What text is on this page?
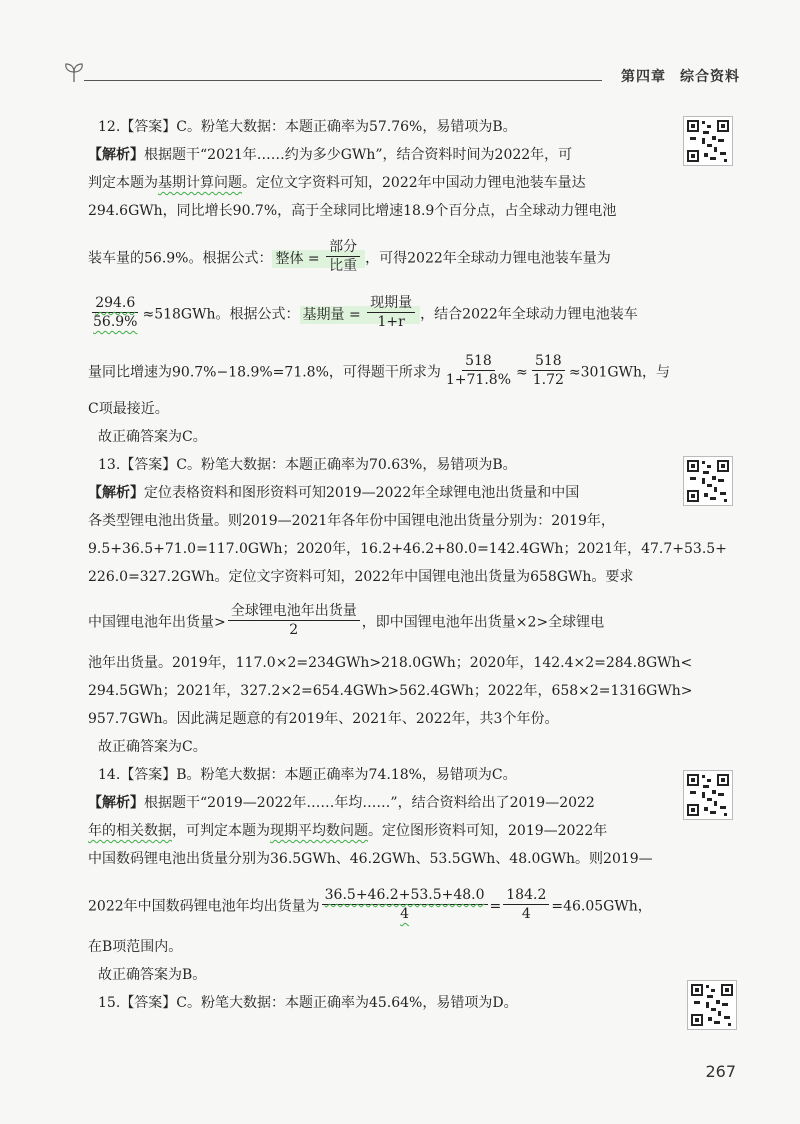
第四章 综合资料
12.【答案】C。粉笔大数据：本题正确率为57.76%，易错项为B。
【解析】根据题干“2021年……约为多少GWh”，结合资料时间为2022年，可
判定本题为基期计算问题。定位文字资料可知，2022年中国动力锂电池装车量达
294.6GWh，同比增长90.7%，高于全球同比增速18.9个百分点，占全球动力锂电池
装车量的56.9%。根据公式： 整体 = $\frac{\text{部分}}{\text{比重}}$ ，可得2022年全球动力锂电池装车量为
$\frac{294.6}{56.9\%} \approx 518GWh$。根据公式： 基期量 = $\frac{\text{现期量}}{1+r}$ ，结合2022年全球动力锂电池装车
量同比增速为90.7%−18.9%=71.8%，可得题干所求为 $\frac{518}{1+71.8\%} \approx \frac{518}{1.72} \approx 301GWh$，与
C项最接近。
故正确答案为C。
13.【答案】C。粉笔大数据：本题正确率为70.63%，易错项为B。
【解析】定位表格资料和图形资料可知2019—2022年全球锂电池出货量和中国
各类型锂电池出货量。则2019—2021年各年份中国锂电池出货量分别为：2019年，
9.5+36.5+71.0=117.0GWh；2020年，16.2+46.2+80.0=142.4GWh；2021年，47.7+53.5+
226.0=327.2GWh。定位文字资料可知，2022年中国锂电池出货量为658GWh。要求
中国锂电池年出货量> $\frac{\text{全球锂电池年出货量}}{2}$ ，即中国锂电池年出货量×2>全球锂电
池年出货量。2019年，117.0×2=234GWh>218.0GWh；2020年，142.4×2=284.8GWh<
294.5GWh；2021年，327.2×2=654.4GWh>562.4GWh；2022年，658×2=1316GWh>
957.7GWh。因此满足题意的有2019年、2021年、2022年，共3个年份。
故正确答案为C。
14.【答案】B。粉笔大数据：本题正确率为74.18%，易错项为C。
【解析】根据题干“2019—2022年……年均……”，结合资料给出了2019—2022
年的相关数据，可判定本题为现期平均数问题。定位图形资料可知，2019—2022年
中国数码锂电池出货量分别为36.5GWh、46.2GWh、53.5GWh、48.0GWh。则2019—
2022年中国数码锂电池年均出货量为 $\frac{36.5+46.2+53.5+48.0}{4} = \frac{184.2}{4} =46.05GWh$，
在B项范围内。
故正确答案为B。
15.【答案】C。粉笔大数据：本题正确率为45.64%，易错项为D。
267
